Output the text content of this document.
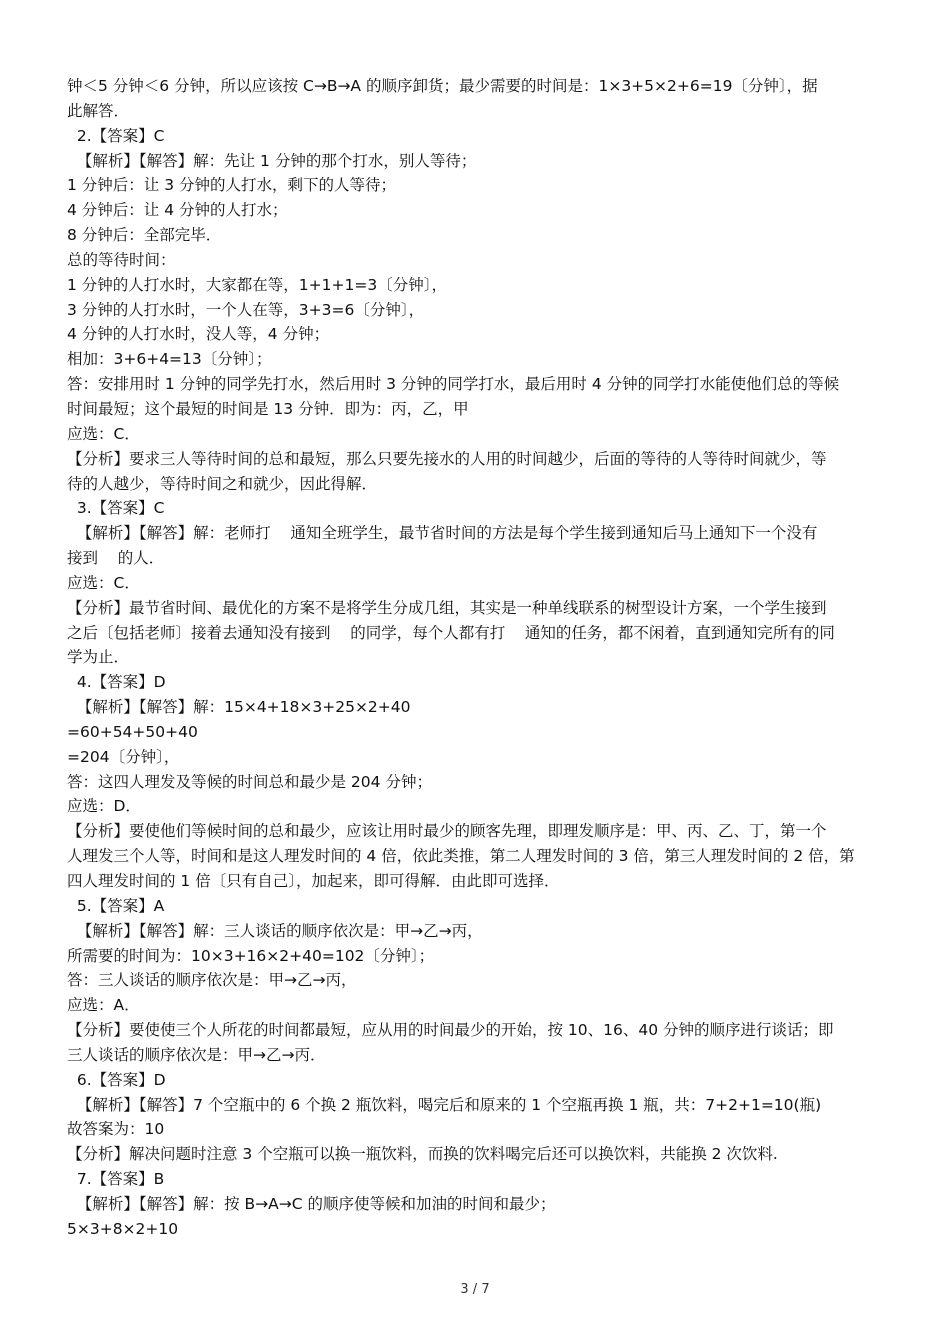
钟＜5 分钟＜6 分钟，所以应该按 C→B→A 的顺序卸货；最少需要的时间是：1×3+5×2+6=19〔分钟〕，据
此解答．
2.【答案】C
【解析】【解答】解：先让 1 分钟的那个打水，别人等待；
1 分钟后：让 3 分钟的人打水，剩下的人等待；
4 分钟后：让 4 分钟的人打水；
8 分钟后：全部完毕．
总的等待时间：
1 分钟的人打水时，大家都在等，1+1+1=3〔分钟〕，
3 分钟的人打水时，一个人在等，3+3=6〔分钟〕，
4 分钟的人打水时，没人等，4 分钟；
相加：3+6+4=13〔分钟〕；
答：安排用时 1 分钟的同学先打水，然后用时 3 分钟的同学打水，最后用时 4 分钟的同学打水能使他们总的等候
时间最短；这个最短的时间是 13 分钟．即为：丙，乙，甲
应选：C．
【分析】要求三人等待时间的总和最短，那么只要先接水的人用的时间越少，后面的等待的人等待时间就少，等
待的人越少，等待时间之和就少，因此得解．
3.【答案】C
【解析】【解答】解：老师打    通知全班学生，最节省时间的方法是每个学生接到通知后马上通知下一个没有
接到    的人．
应选：C．
【分析】最节省时间、最优化的方案不是将学生分成几组，其实是一种单线联系的树型设计方案，一个学生接到
之后〔包括老师〕接着去通知没有接到    的同学，每个人都有打    通知的任务，都不闲着，直到通知完所有的同
学为止．
4.【答案】D
【解析】【解答】解：15×4+18×3+25×2+40
=60+54+50+40
=204〔分钟〕，
答：这四人理发及等候的时间总和最少是 204 分钟；
应选：D．
【分析】要使他们等候时间的总和最少，应该让用时最少的顾客先理，即理发顺序是：甲、丙、乙、丁，第一个
人理发三个人等，时间和是这人理发时间的 4 倍，依此类推，第二人理发时间的 3 倍，第三人理发时间的 2 倍，第
四人理发时间的 1 倍〔只有自己〕，加起来，即可得解．由此即可选择．
5.【答案】A
【解析】【解答】解：三人谈话的顺序依次是：甲→乙→丙，
所需要的时间为：10×3+16×2+40=102〔分钟〕；
答：三人谈话的顺序依次是：甲→乙→丙，
应选：A．
【分析】要使使三个人所花的时间都最短，应从用的时间最少的开始，按 10、16、40 分钟的顺序进行谈话；即
三人谈话的顺序依次是：甲→乙→丙．
6.【答案】D
【解析】【解答】7 个空瓶中的 6 个换 2 瓶饮料，喝完后和原来的 1 个空瓶再换 1 瓶，共：7+2+1=10(瓶)
故答案为：10
【分析】解决问题时注意 3 个空瓶可以换一瓶饮料，而换的饮料喝完后还可以换饮料，共能换 2 次饮料.
7.【答案】B
【解析】【解答】解：按 B→A→C 的顺序使等候和加油的时间和最少；
5×3+8×2+10
3 / 7
